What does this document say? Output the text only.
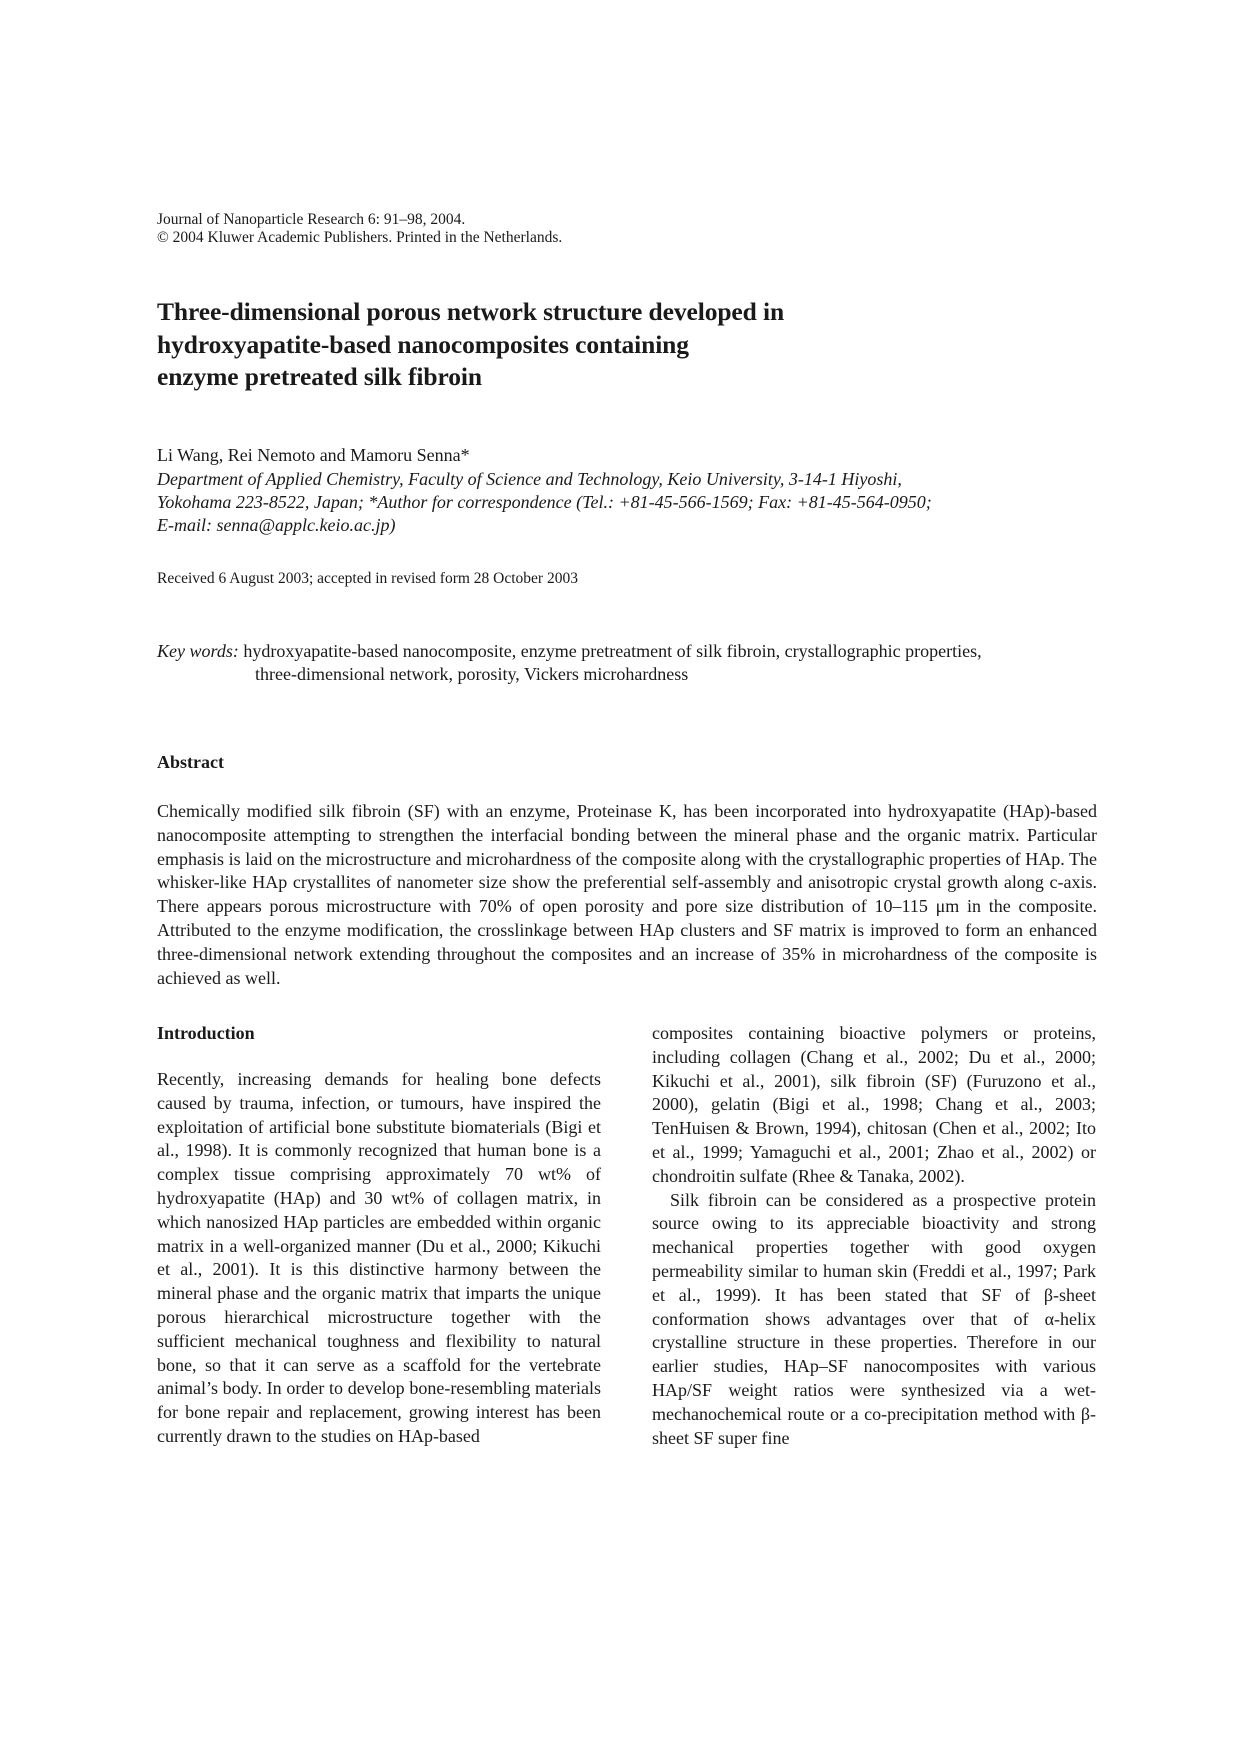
Journal of Nanoparticle Research 6: 91–98, 2004.
© 2004 Kluwer Academic Publishers. Printed in the Netherlands.
Three-dimensional porous network structure developed in
hydroxyapatite-based nanocomposites containing
enzyme pretreated silk fibroin
Li Wang, Rei Nemoto and Mamoru Senna*
Department of Applied Chemistry, Faculty of Science and Technology, Keio University, 3-14-1 Hiyoshi,
Yokohama 223-8522, Japan; *Author for correspondence (Tel.: +81-45-566-1569; Fax: +81-45-564-0950;
E-mail: senna@applc.keio.ac.jp)
Received 6 August 2003; accepted in revised form 28 October 2003
Key words: hydroxyapatite-based nanocomposite, enzyme pretreatment of silk fibroin, crystallographic properties,
three-dimensional network, porosity, Vickers microhardness
Abstract

Chemically modified silk fibroin (SF) with an enzyme, Proteinase K, has been incorporated into hydroxyapatite (HAp)-based nanocomposite attempting to strengthen the interfacial bonding between the mineral phase and the organic matrix. Particular emphasis is laid on the microstructure and microhardness of the composite along with the crystallographic properties of HAp. The whisker-like HAp crystallites of nanometer size show the preferential self-assembly and anisotropic crystal growth along c-axis. There appears porous microstructure with 70% of open porosity and pore size distribution of 10–115 μm in the composite. Attributed to the enzyme modification, the crosslinkage between HAp clusters and SF matrix is improved to form an enhanced three-dimensional network extending throughout the composites and an increase of 35% in microhardness of the composite is achieved as well.

Introduction

Recently, increasing demands for healing bone defects caused by trauma, infection, or tumours, have inspired the exploitation of artificial bone substitute biomaterials (Bigi et al., 1998). It is commonly recognized that human bone is a complex tissue comprising approximately 70 wt% of hydroxyapatite (HAp) and 30 wt% of collagen matrix, in which nanosized HAp particles are embedded within organic matrix in a well-organized manner (Du et al., 2000; Kikuchi et al., 2001). It is this distinctive harmony between the mineral phase and the organic matrix that imparts the unique porous hierarchical microstructure together with the sufficient mechanical toughness and flexibility to natural bone, so that it can serve as a scaffold for the vertebrate animal’s body. In order to develop bone-resembling materials for bone repair and replacement, growing interest has been currently drawn to the studies on HAp-based

composites containing bioactive polymers or proteins, including collagen (Chang et al., 2002; Du et al., 2000; Kikuchi et al., 2001), silk fibroin (SF) (Furuzono et al., 2000), gelatin (Bigi et al., 1998; Chang et al., 2003; TenHuisen & Brown, 1994), chitosan (Chen et al., 2002; Ito et al., 1999; Yamaguchi et al., 2001; Zhao et al., 2002) or chondroitin sulfate (Rhee & Tanaka, 2002).

Silk fibroin can be considered as a prospective protein source owing to its appreciable bioactivity and strong mechanical properties together with good oxygen permeability similar to human skin (Freddi et al., 1997; Park et al., 1999). It has been stated that SF of β-sheet conformation shows advantages over that of α-helix crystalline structure in these properties. Therefore in our earlier studies, HAp–SF nanocomposites with various HAp/SF weight ratios were synthesized via a wet-mechanochemical route or a co-precipitation method with β-sheet SF super fine
